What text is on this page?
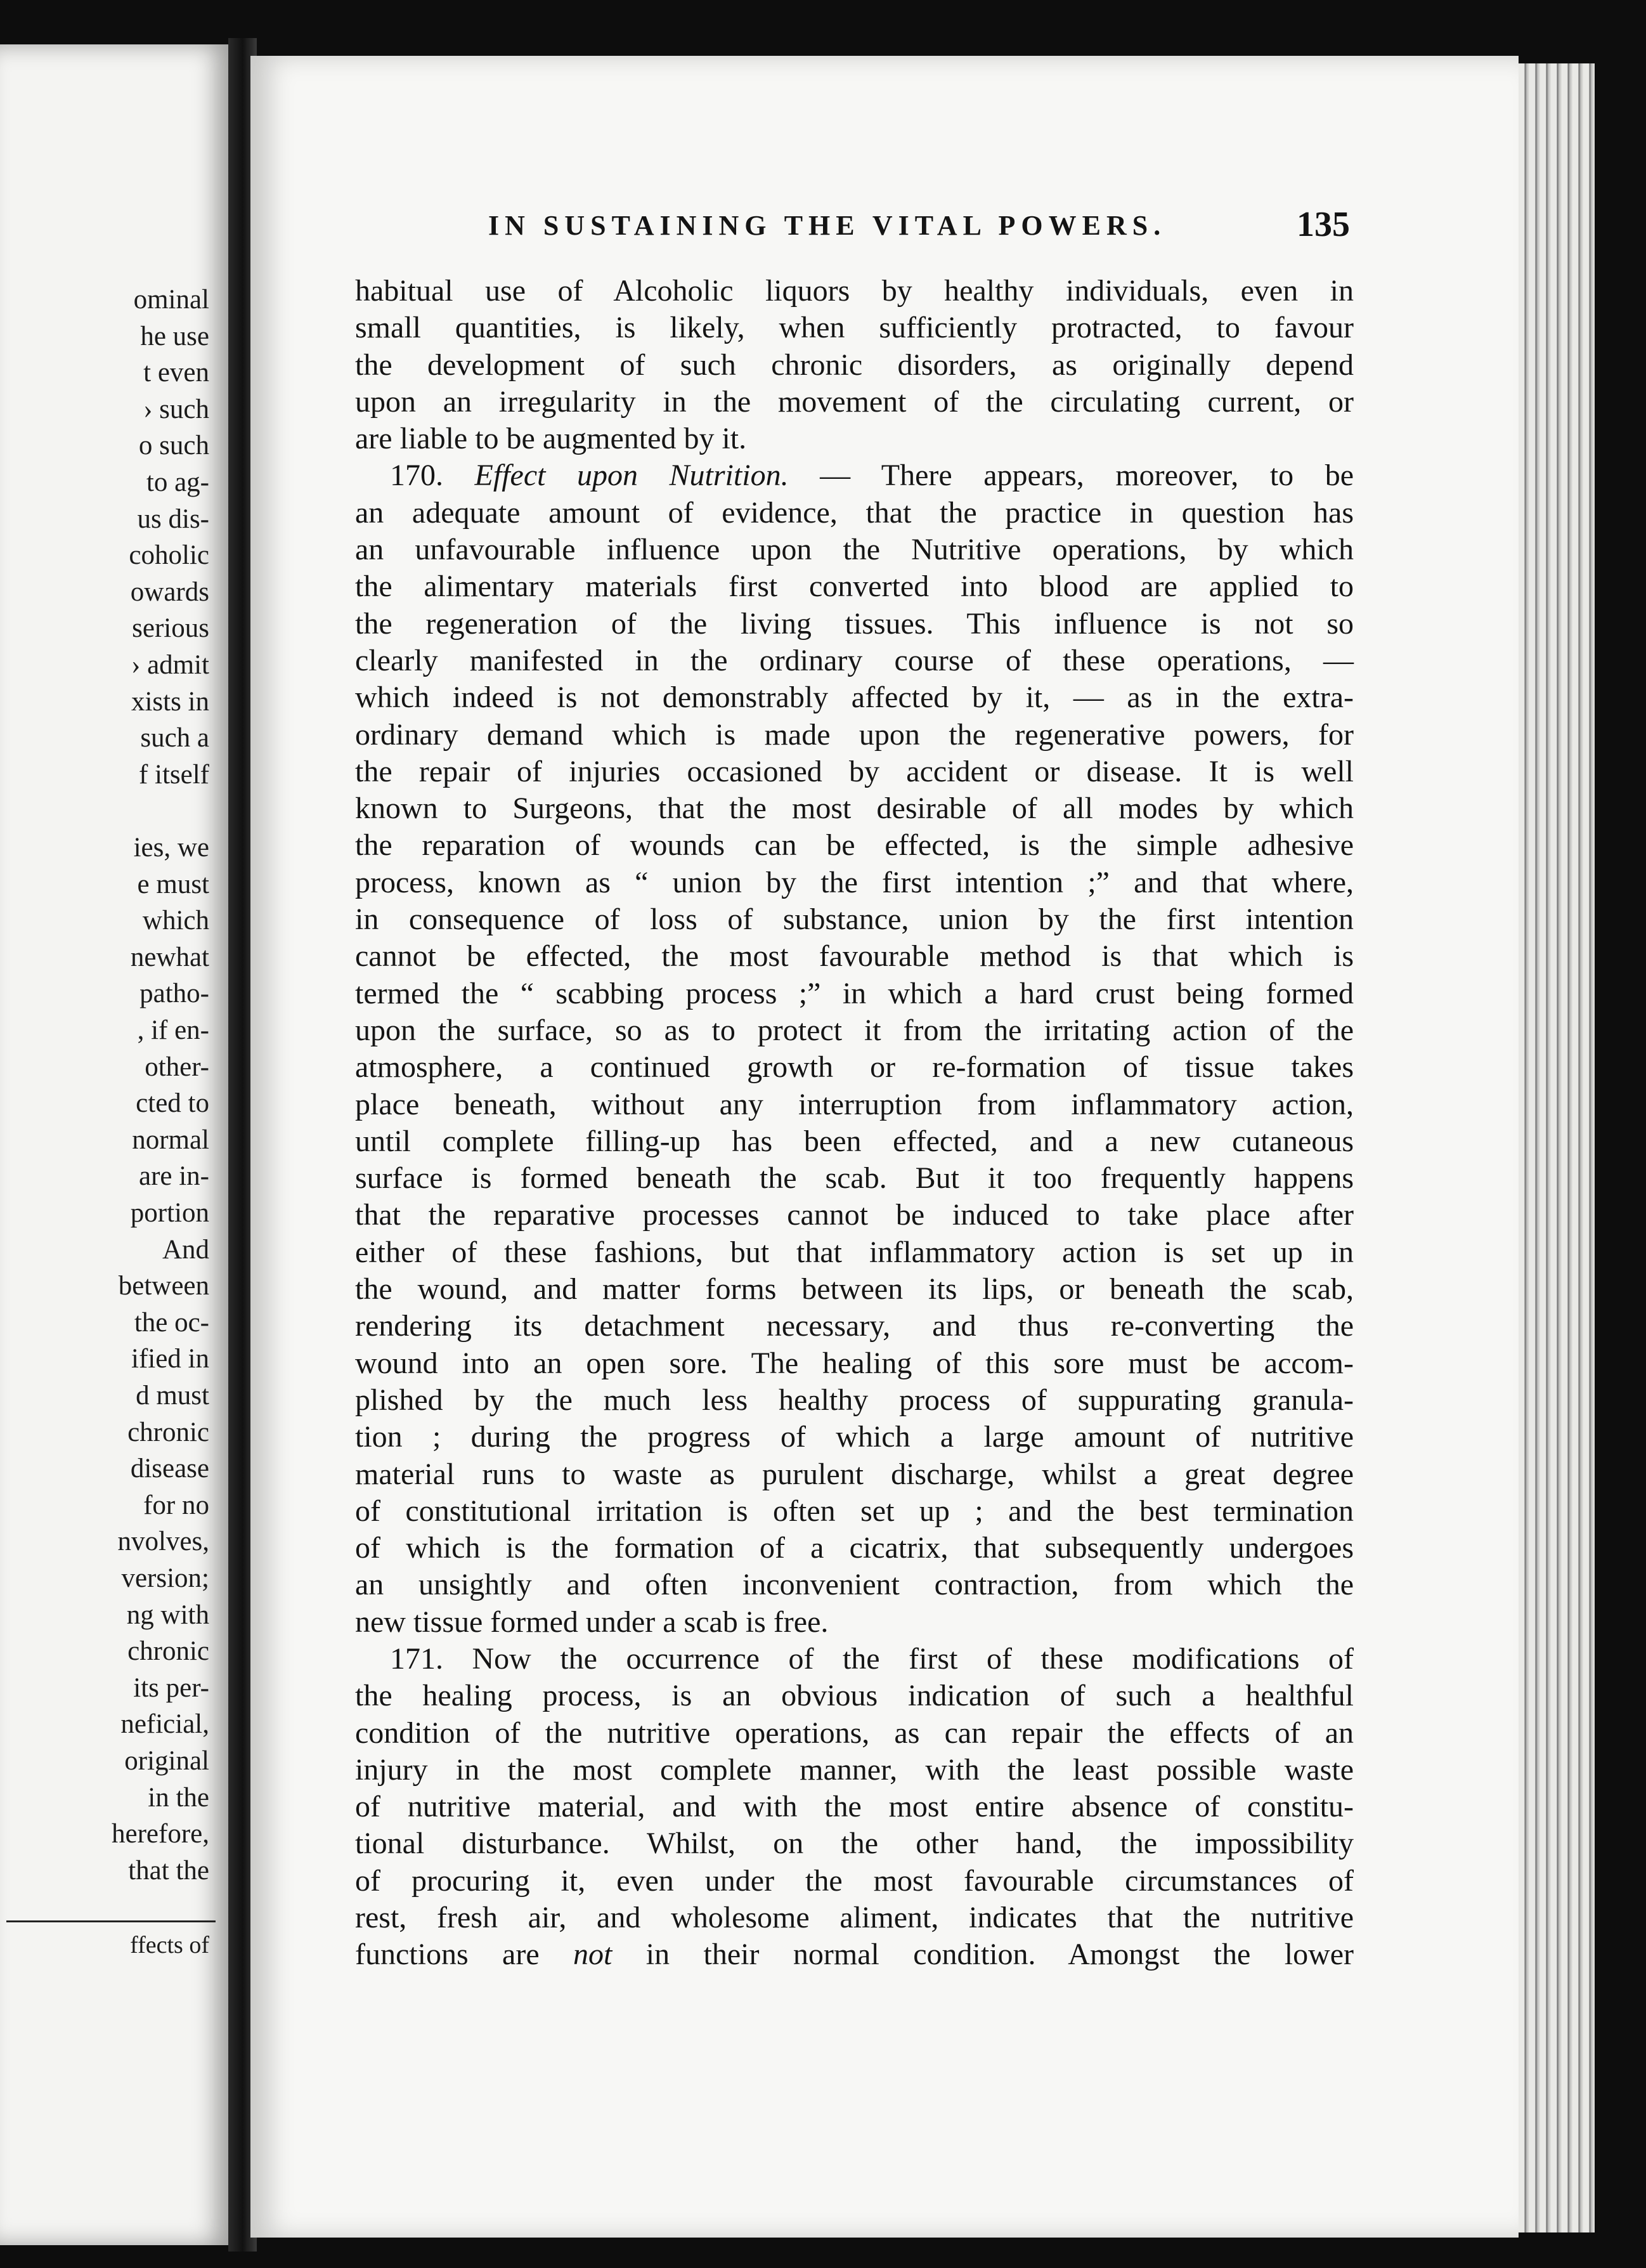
ominal
he use
t even
› such
o such
to ag-
us dis-
coholic
owards
serious
› admit
xists in
such a
f itself
ies, we
e must
which
newhat
patho-
, if en-
other-
cted to
normal
are in-
portion
And
between
the oc-
ified in
d must
chronic
disease
for no
nvolves,
version;
ng with
chronic
its per-
neficial,
original
in the
herefore,
that the
ffects of
IN SUSTAINING THE VITAL POWERS.	135
habitual use of Alcoholic liquors by healthy individuals, even in
small quantities, is likely, when sufficiently protracted, to favour
the development of such chronic disorders, as originally depend
upon an irregularity in the movement of the circulating current, or
are liable to be augmented by it.
170. Effect upon Nutrition. — There appears, moreover, to be
an adequate amount of evidence, that the practice in question has
an unfavourable influence upon the Nutritive operations, by which
the alimentary materials first converted into blood are applied to
the regeneration of the living tissues. This influence is not so
clearly manifested in the ordinary course of these operations, —
which indeed is not demonstrably affected by it, — as in the extra-
ordinary demand which is made upon the regenerative powers, for
the repair of injuries occasioned by accident or disease. It is well
known to Surgeons, that the most desirable of all modes by which
the reparation of wounds can be effected, is the simple adhesive
process, known as “ union by the first intention ;” and that where,
in consequence of loss of substance, union by the first intention
cannot be effected, the most favourable method is that which is
termed the “ scabbing process ;” in which a hard crust being formed
upon the surface, so as to protect it from the irritating action of the
atmosphere, a continued growth or re-formation of tissue takes
place beneath, without any interruption from inflammatory action,
until complete filling-up has been effected, and a new cutaneous
surface is formed beneath the scab. But it too frequently happens
that the reparative processes cannot be induced to take place after
either of these fashions, but that inflammatory action is set up in
the wound, and matter forms between its lips, or beneath the scab,
rendering its detachment necessary, and thus re-converting the
wound into an open sore. The healing of this sore must be accom-
plished by the much less healthy process of suppurating granula-
tion ; during the progress of which a large amount of nutritive
material runs to waste as purulent discharge, whilst a great degree
of constitutional irritation is often set up ; and the best termination
of which is the formation of a cicatrix, that subsequently undergoes
an unsightly and often inconvenient contraction, from which the
new tissue formed under a scab is free.
171. Now the occurrence of the first of these modifications of
the healing process, is an obvious indication of such a healthful
condition of the nutritive operations, as can repair the effects of an
injury in the most complete manner, with the least possible waste
of nutritive material, and with the most entire absence of constitu-
tional disturbance. Whilst, on the other hand, the impossibility
of procuring it, even under the most favourable circumstances of
rest, fresh air, and wholesome aliment, indicates that the nutritive
functions are not in their normal condition. Amongst the lower
